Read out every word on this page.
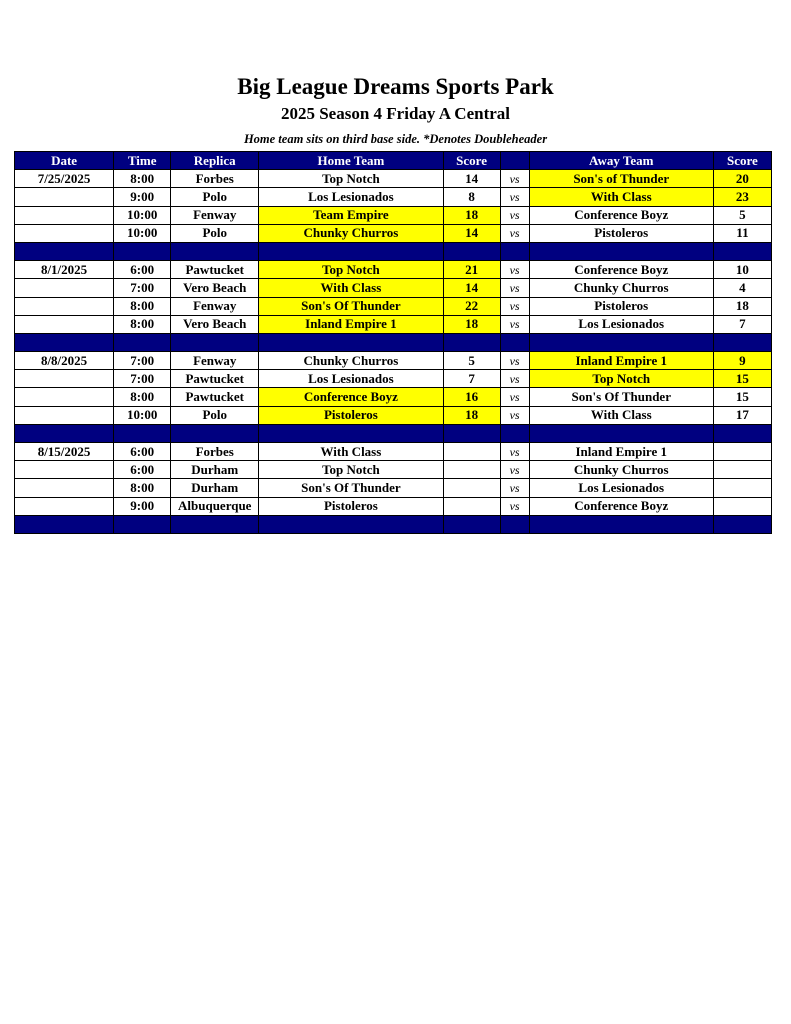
Big League Dreams Sports Park
2025 Season 4 Friday A Central
Home team sits on third base side. *Denotes Doubleheader
Date	Time	Replica	Home Team	Score		Away Team	Score
7/25/2025	8:00	Forbes	Top Notch	14	vs	Son's of Thunder	20
	9:00	Polo	Los Lesionados	8	vs	With Class	23
	10:00	Fenway	Team Empire	18	vs	Conference Boyz	5
	10:00	Polo	Chunky Churros	14	vs	Pistoleros	11

8/1/2025	6:00	Pawtucket	Top Notch	21	vs	Conference Boyz	10
	7:00	Vero Beach	With Class	14	vs	Chunky Churros	4
	8:00	Fenway	Son's Of Thunder	22	vs	Pistoleros	18
	8:00	Vero Beach	Inland Empire 1	18	vs	Los Lesionados	7

8/8/2025	7:00	Fenway	Chunky Churros	5	vs	Inland Empire 1	9
	7:00	Pawtucket	Los Lesionados	7	vs	Top Notch	15
	8:00	Pawtucket	Conference Boyz	16	vs	Son's Of Thunder	15
	10:00	Polo	Pistoleros	18	vs	With Class	17

8/15/2025	6:00	Forbes	With Class		vs	Inland Empire 1	
	6:00	Durham	Top Notch		vs	Chunky Churros	
	8:00	Durham	Son's Of Thunder		vs	Los Lesionados	
	9:00	Albuquerque	Pistoleros		vs	Conference Boyz	
